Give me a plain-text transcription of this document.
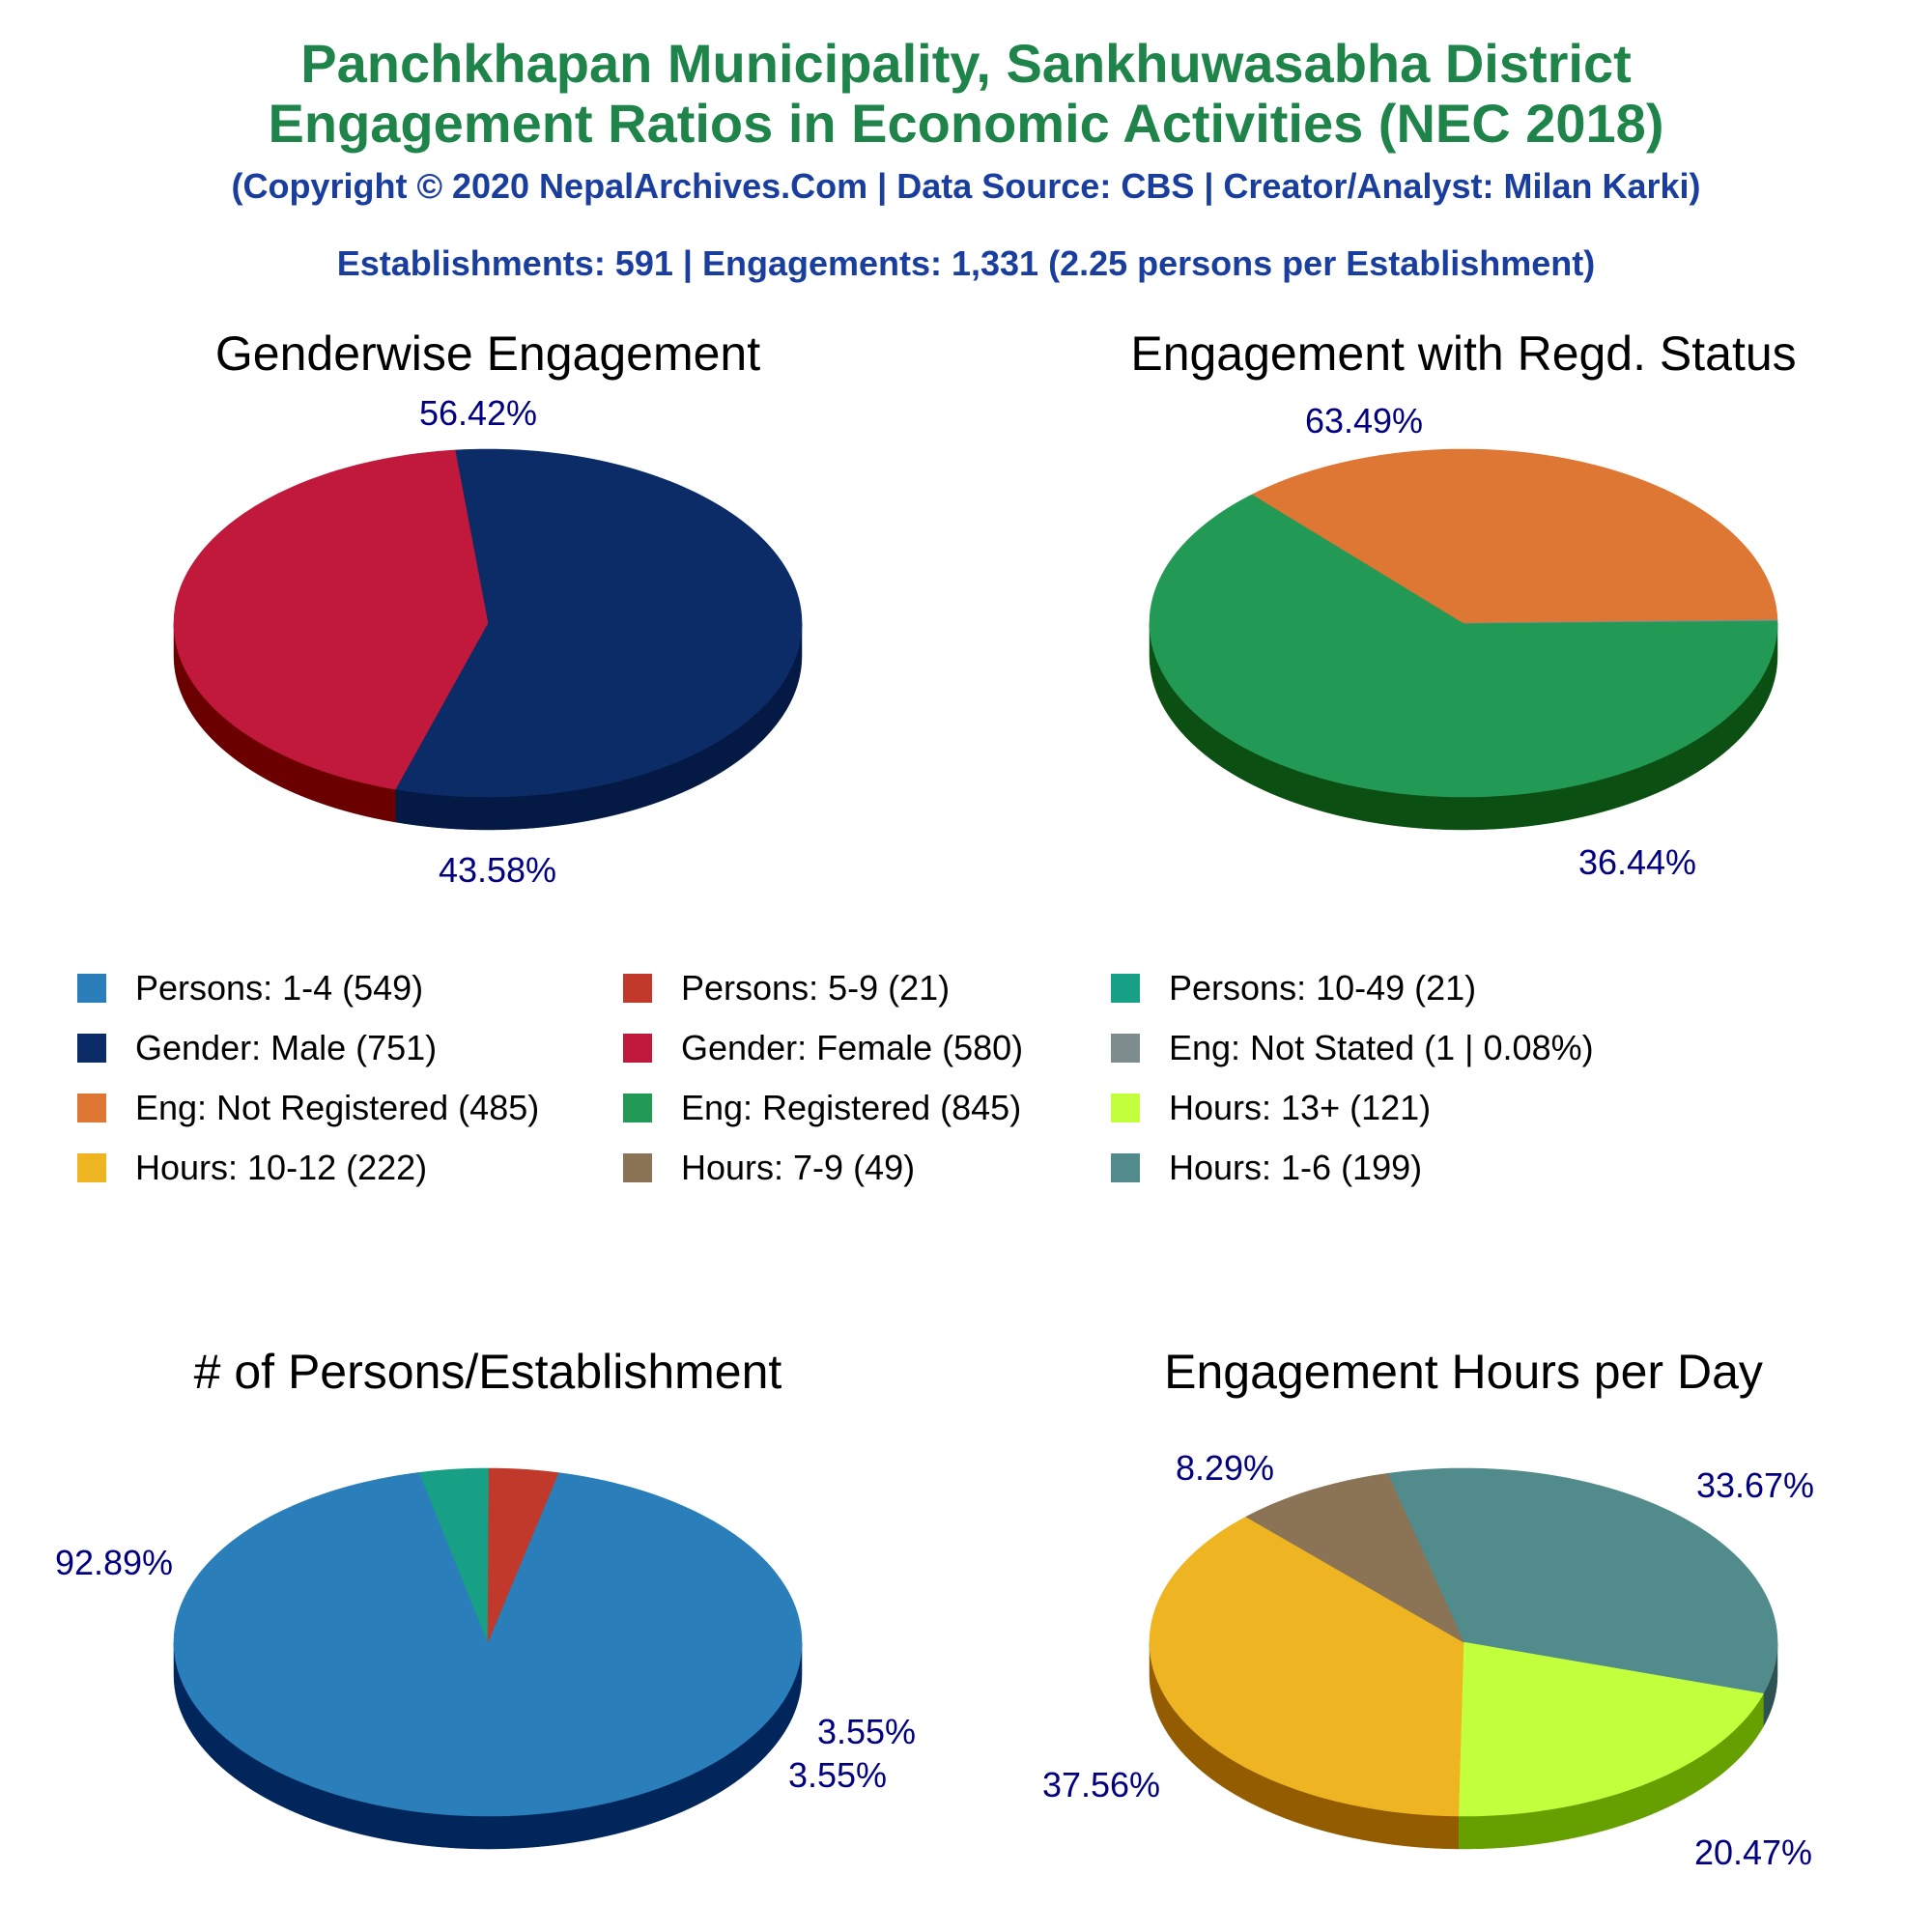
Panchkhapan Municipality, Sankhuwasabha District
Engagement Ratios in Economic Activities (NEC 2018)
(Copyright © 2020 NepalArchives.Com | Data Source: CBS | Creator/Analyst: Milan Karki)
Establishments: 591 | Engagements: 1,331 (2.25 persons per Establishment)
Genderwise Engagement
56.42%
43.58%
Engagement with Regd. Status
63.49%
36.44%
# of Persons/Establishment
92.89%
3.55%
3.55%
Engagement Hours per Day
33.67%
20.47%
37.56%
8.29%
Persons: 1-4 (549)	Persons: 5-9 (21)	Persons: 10-49 (21)
Gender: Male (751)	Gender: Female (580)	Eng: Not Stated (1 | 0.08%)
Eng: Not Registered (485)	Eng: Registered (845)	Hours: 13+ (121)
Hours: 10-12 (222)	Hours: 7-9 (49)	Hours: 1-6 (199)
